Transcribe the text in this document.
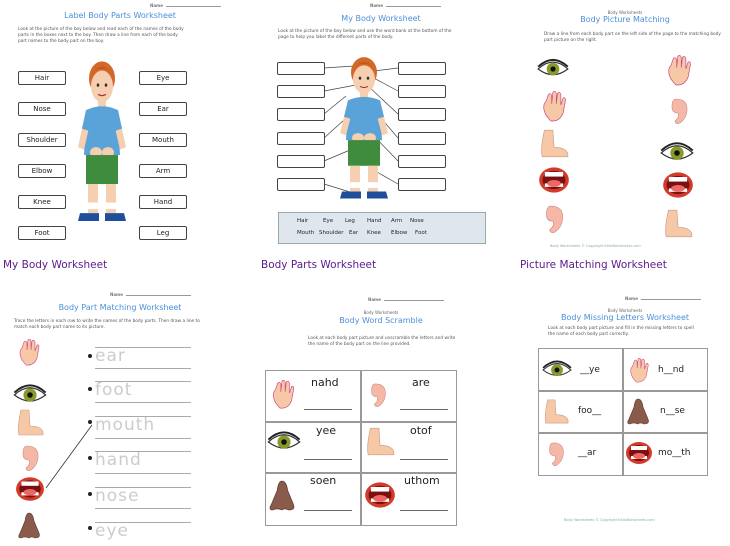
Name
Label Body Parts Worksheet
Look at the picture of the boy below and read each of the names of the body parts in the boxes next to the boy. Then draw a line from each of the body part names to the body part on the boy.
Hair
Nose
Shoulder
Elbow
Knee
Foot
Eye
Ear
Mouth
Arm
Hand
Leg
My Body Worksheet
Name
My Body Worksheet
Look at the picture of the boy below and use the word bank at the bottom of the page to help you label the different parts of the body.
Hair	Eye Leg Hand Arm Nose
Mouth Shoulder Ear Knee Elbow Foot
Body Parts Worksheet
Body Worksheets
Body Picture Matching
Draw a line from each body part on the left side of the page to the matching body part picture on the right.
Body Worksheets © Copyright KidsWorksheets.com
Picture Matching Worksheet
Name
Body Part Matching Worksheet
Trace the letters in each row to write the names of the body parts. Then draw a line to match each body part name to its picture.
ear
foot
mouth
hand
nose
eye
Name
Body Worksheets
Body Word Scramble
Look at each body part picture and unscramble the letters and write the name of the body part on the line provided.
nahd	are
yee	otof
soen	uthom
Name
Body Worksheets
Body Missing Letters Worksheet
Look at each body part picture and fill in the missing letters to spell the name of each body part correctly.
__ye	h__nd
foo__	n__se
__ar	mo__th
Body Worksheets © Copyright KidsWorksheets.com
